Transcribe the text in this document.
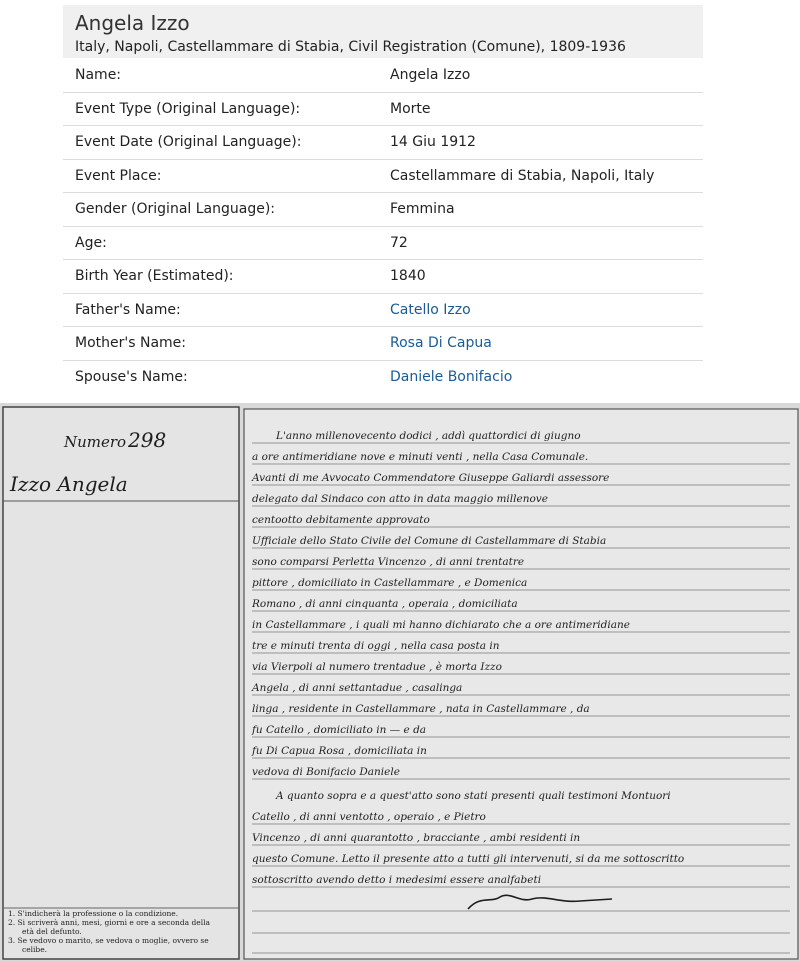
Angela Izzo
Italy, Napoli, Castellammare di Stabia, Civil Registration (Comune), 1809-1936
Name:	Angela Izzo
Event Type (Original Language):	Morte
Event Date (Original Language):	14 Giu 1912
Event Place:	Castellammare di Stabia, Napoli, Italy
Gender (Original Language):	Femmina
Age:	72
Birth Year (Estimated):	1840
Father's Name:	Catello Izzo
Mother's Name:	Rosa Di Capua
Spouse's Name:	Daniele Bonifacio
Numero 298
Izzo Angela
1. S'indicherà la professione o la condizione.
2. Si scriverà anni, mesi, giorni e ore a seconda della
età del defunto.
3. Se vedovo o marito, se vedova o moglie, ovvero se
celibe.
L'anno millenovecento dodici , addì quattordici di giugno
a ore antimeridiane nove e minuti venti , nella Casa Comunale.
Avanti di me Avvocato Commendatore Giuseppe Galiardi assessore
delegato dal Sindaco con atto in data maggio millenove
centootto debitamente approvato
Ufficiale dello Stato Civile del Comune di Castellammare di Stabia
sono comparsi Perletta Vincenzo , di anni trentatre
pittore , domiciliato in Castellammare , e Domenica
Romano , di anni cinquanta , operaia , domiciliata
in Castellammare , i quali mi hanno dichiarato che a ore antimeridiane
tre e minuti trenta di oggi , nella casa posta in
via Vierpoli al numero trentadue , è morta Izzo
Angela , di anni settantadue , casalinga
linga , residente in Castellammare , nata in Castellammare , da
fu Catello , domiciliato in — e da
fu Di Capua Rosa , domiciliata in
vedova di Bonifacio Daniele
A quanto sopra e a quest'atto sono stati presenti quali testimoni Montuori
Catello , di anni ventotto , operaio , e Pietro
Vincenzo , di anni quarantotto , bracciante , ambi residenti in
questo Comune. Letto il presente atto a tutti gli intervenuti, si da me sottoscritto
sottoscritto avendo detto i medesimi essere analfabeti
